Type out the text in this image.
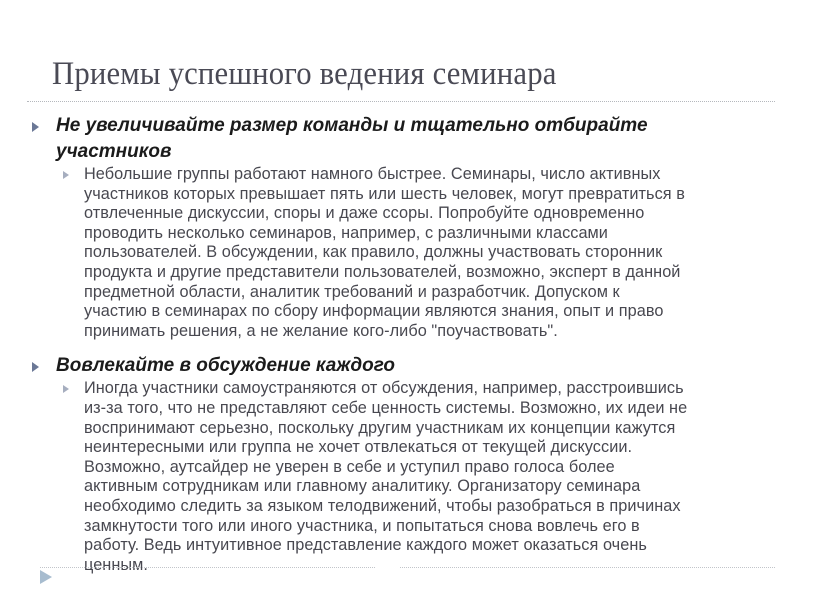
Приемы успешного ведения семинара
Не увеличивайте размер команды и тщательно отбирайте
участников
Небольшие группы работают намного быстрее. Семинары, число активных
участников которых превышает пять или шесть человек, могут превратиться в
отвлеченные дискуссии, споры и даже ссоры. Попробуйте одновременно
проводить несколько семинаров, например, с различными классами
пользователей. В обсуждении, как правило, должны участвовать сторонник
продукта и другие представители пользователей, возможно, эксперт в данной
предметной области, аналитик требований и разработчик. Допуском к
участию в семинарах по сбору информации являются знания, опыт и право
принимать решения, а не желание кого-либо "поучаствовать".
Вовлекайте в обсуждение каждого
Иногда участники самоустраняются от обсуждения, например, расстроившись
из-за того, что не представляют себе ценность системы. Возможно, их идеи не
воспринимают серьезно, поскольку другим участникам их концепции кажутся
неинтересными или группа не хочет отвлекаться от текущей дискуссии.
Возможно, аутсайдер не уверен в себе и уступил право голоса более
активным сотрудникам или главному аналитику. Организатору семинара
необходимо следить за языком телодвижений, чтобы разобраться в причинах
замкнутости того или иного участника, и попытаться снова вовлечь его в
работу. Ведь интуитивное представление каждого может оказаться очень
ценным.
